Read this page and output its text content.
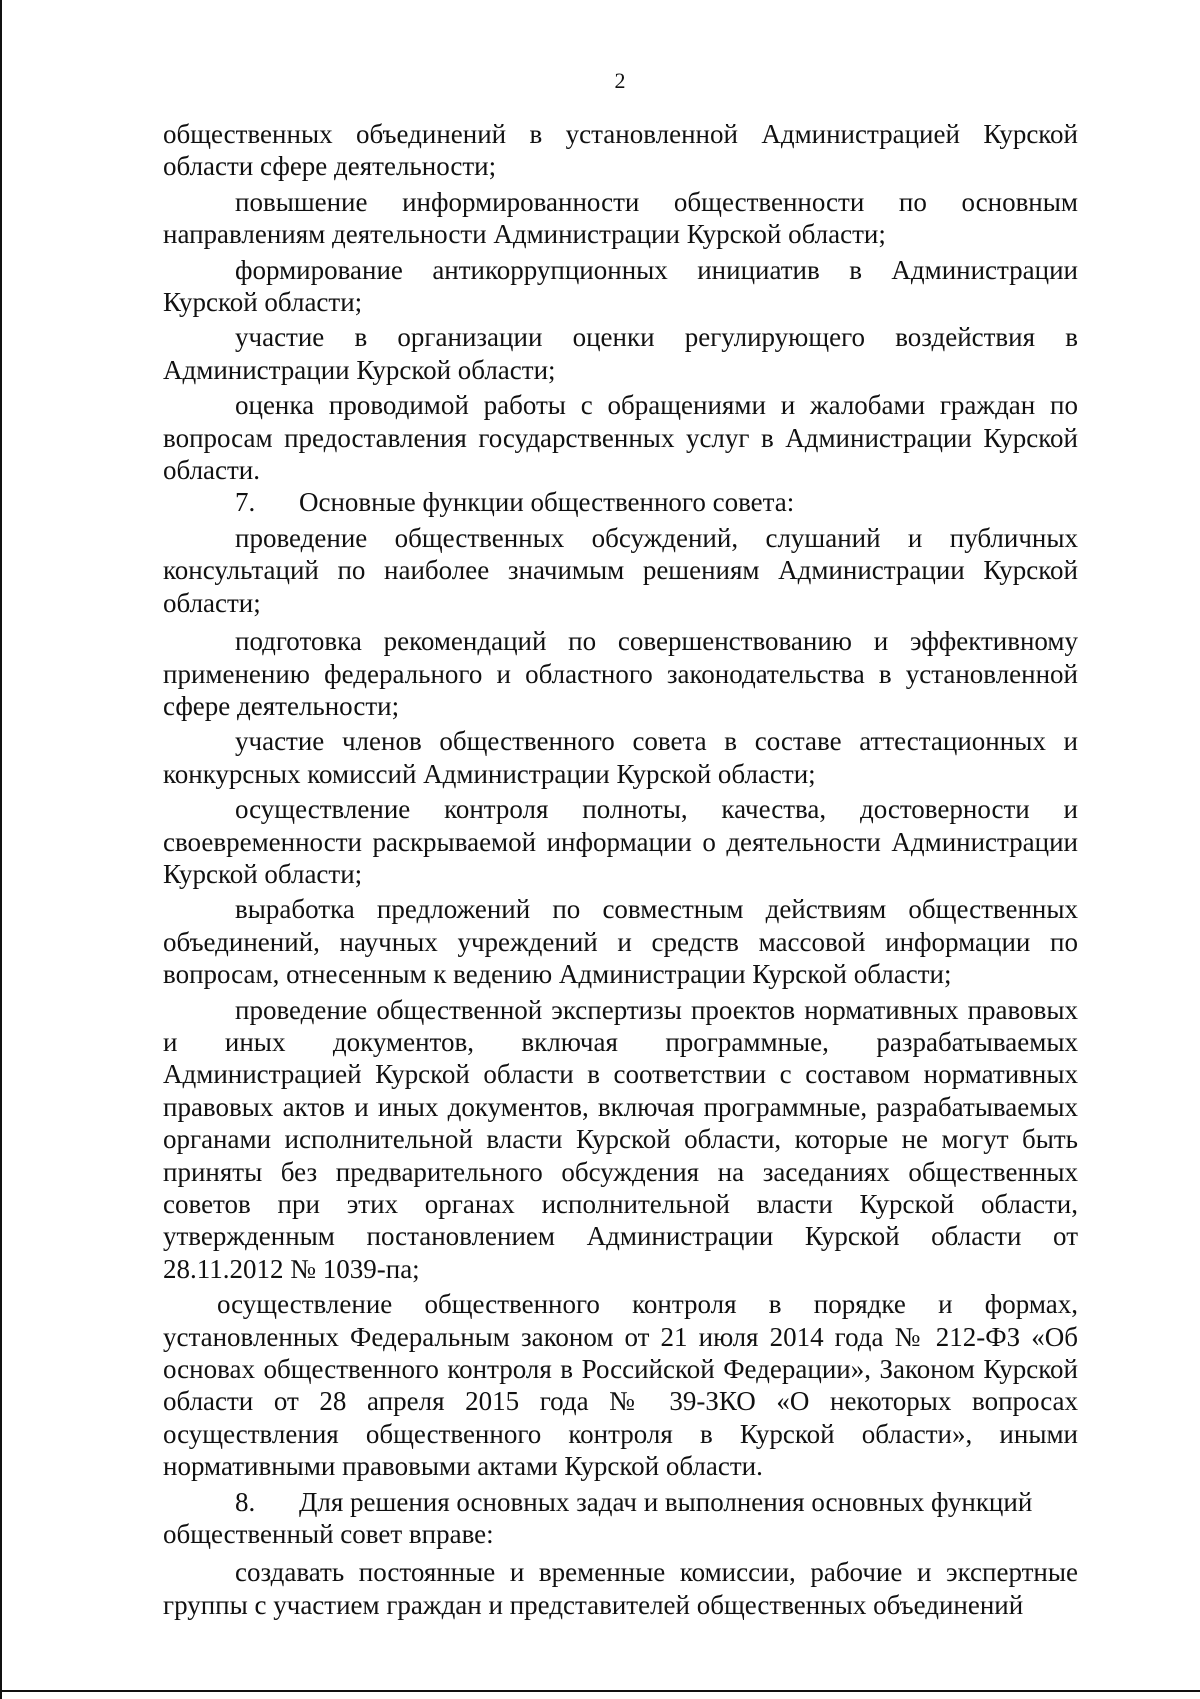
2

общественных объединений в установленной Администрацией Курской области сфере деятельности;

повышение информированности общественности по основным направлениям деятельности Администрации Курской области;

формирование антикоррупционных инициатив в Администрации Курской области;

участие в организации оценки регулирующего воздействия в Администрации Курской области;

оценка проводимой работы с обращениями и жалобами граждан по вопросам предоставления государственных услуг в Администрации Курской области.

7. Основные функции общественного совета:

проведение общественных обсуждений, слушаний и публичных консультаций по наиболее значимым решениям Администрации Курской области;

подготовка рекомендаций по совершенствованию и эффективному применению федерального и областного законодательства в установленной сфере деятельности;

участие членов общественного совета в составе аттестационных и конкурсных комиссий Администрации Курской области;

осуществление контроля полноты, качества, достоверности и своевременности раскрываемой информации о деятельности Администрации Курской области;

выработка предложений по совместным действиям общественных объединений, научных учреждений и средств массовой информации по вопросам, отнесенным к ведению Администрации Курской области;

проведение общественной экспертизы проектов нормативных правовых и иных документов, включая программные, разрабатываемых Администрацией Курской области в соответствии с составом нормативных правовых актов и иных документов, включая программные, разрабатываемых органами исполнительной власти Курской области, которые не могут быть приняты без предварительного обсуждения на заседаниях общественных советов при этих органах исполнительной власти Курской области, утвержденным постановлением Администрации Курской области от 28.11.2012 № 1039-па;

осуществление общественного контроля в порядке и формах, установленных Федеральным законом от 21 июля 2014 года № 212-ФЗ «Об основах общественного контроля в Российской Федерации», Законом Курской области от 28 апреля 2015 года № 39-ЗКО «О некоторых вопросах осуществления общественного контроля в Курской области», иными нормативными правовыми актами Курской области.

8. Для решения основных задач и выполнения основных функций общественный совет вправе:

создавать постоянные и временные комиссии, рабочие и экспертные группы с участием граждан и представителей общественных объединений
